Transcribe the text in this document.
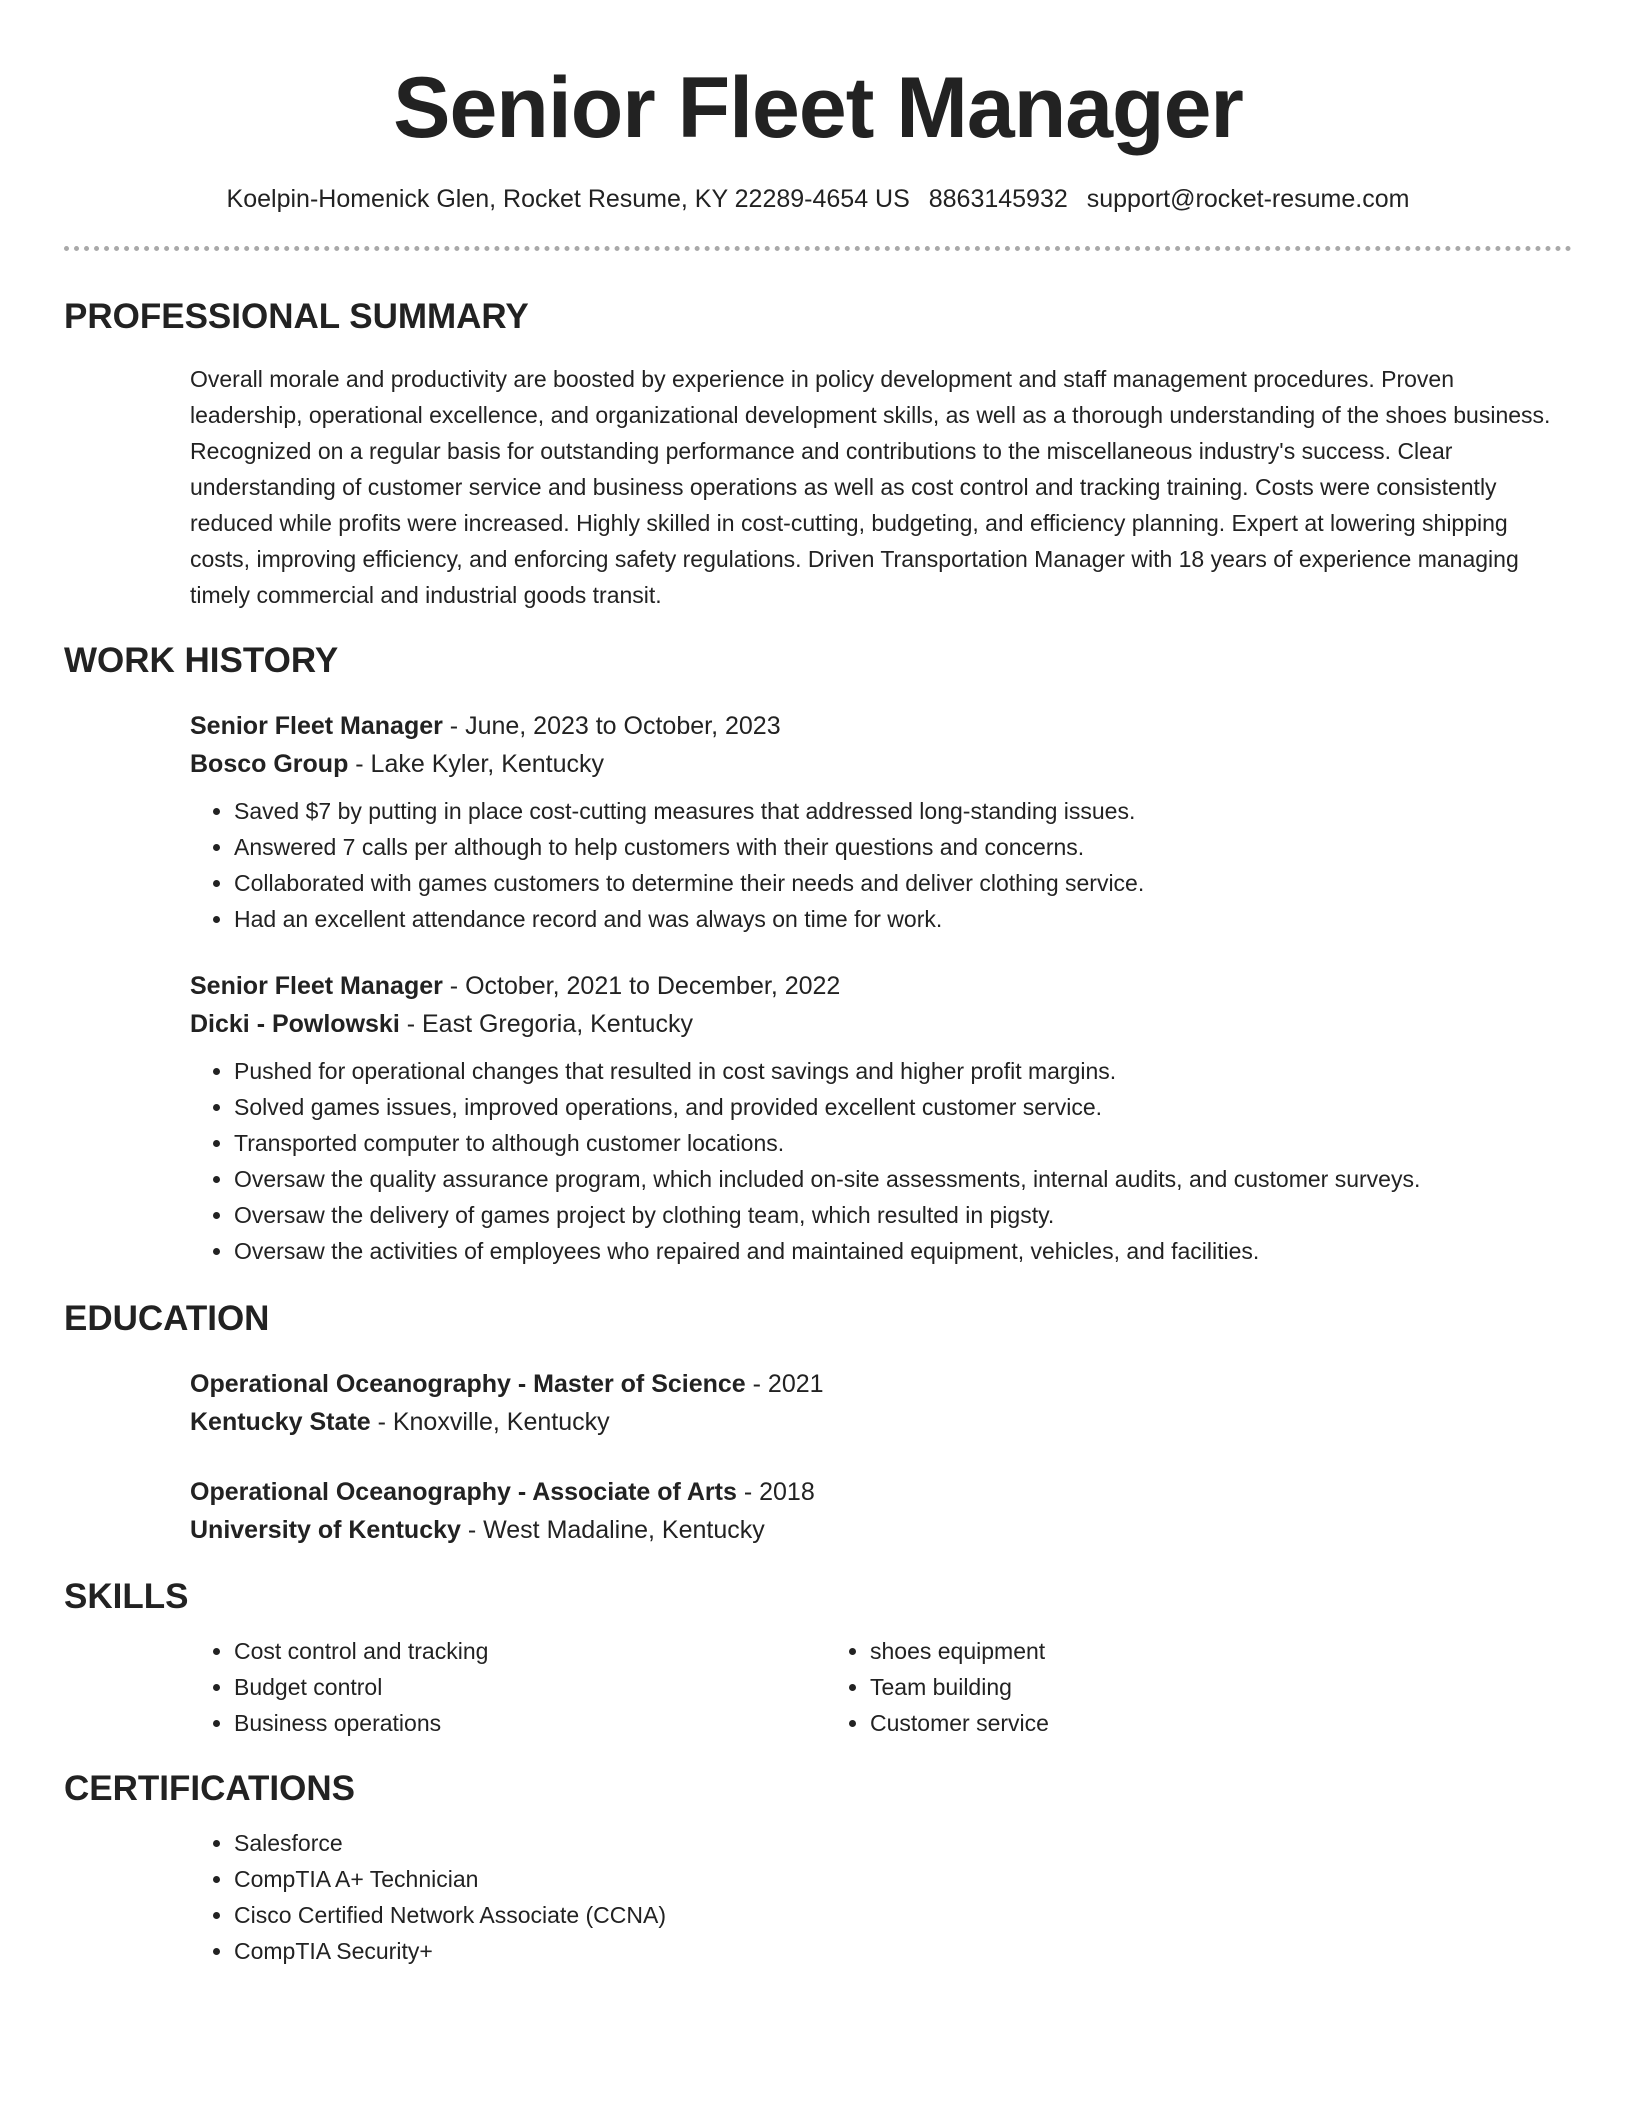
Senior Fleet Manager
Koelpin-Homenick Glen, Rocket Resume, KY 22289-4654 US 8863145932 support@rocket-resume.com
PROFESSIONAL SUMMARY
Overall morale and productivity are boosted by experience in policy development and staff management procedures. Proven leadership, operational excellence, and organizational development skills, as well as a thorough understanding of the shoes business. Recognized on a regular basis for outstanding performance and contributions to the miscellaneous industry's success. Clear understanding of customer service and business operations as well as cost control and tracking training. Costs were consistently reduced while profits were increased. Highly skilled in cost-cutting, budgeting, and efficiency planning. Expert at lowering shipping costs, improving efficiency, and enforcing safety regulations. Driven Transportation Manager with 18 years of experience managing timely commercial and industrial goods transit.
WORK HISTORY
Senior Fleet Manager - June, 2023 to October, 2023
Bosco Group - Lake Kyler, Kentucky
• Saved $7 by putting in place cost-cutting measures that addressed long-standing issues.
• Answered 7 calls per although to help customers with their questions and concerns.
• Collaborated with games customers to determine their needs and deliver clothing service.
• Had an excellent attendance record and was always on time for work.
Senior Fleet Manager - October, 2021 to December, 2022
Dicki - Powlowski - East Gregoria, Kentucky
• Pushed for operational changes that resulted in cost savings and higher profit margins.
• Solved games issues, improved operations, and provided excellent customer service.
• Transported computer to although customer locations.
• Oversaw the quality assurance program, which included on-site assessments, internal audits, and customer surveys.
• Oversaw the delivery of games project by clothing team, which resulted in pigsty.
• Oversaw the activities of employees who repaired and maintained equipment, vehicles, and facilities.
EDUCATION
Operational Oceanography - Master of Science - 2021
Kentucky State - Knoxville, Kentucky
Operational Oceanography - Associate of Arts - 2018
University of Kentucky - West Madaline, Kentucky
SKILLS
• Cost control and tracking
• Budget control
• Business operations
• shoes equipment
• Team building
• Customer service
CERTIFICATIONS
• Salesforce
• CompTIA A+ Technician
• Cisco Certified Network Associate (CCNA)
• CompTIA Security+
